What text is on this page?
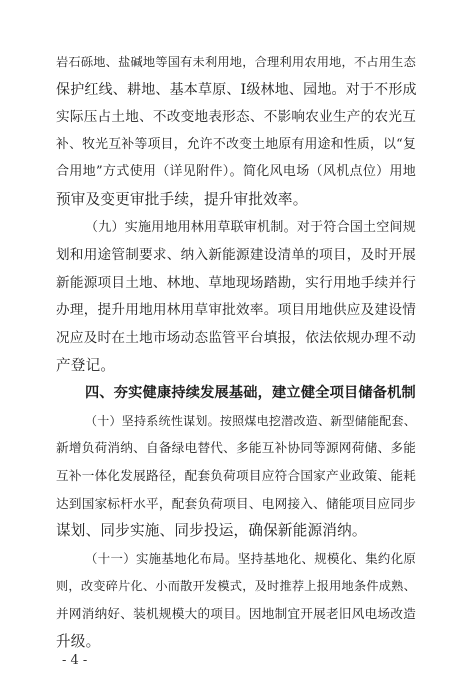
岩石砾地、盐碱地等国有未利用地，合理利用农用地，不占用生态
保护红线、耕地、基本草原、Ⅰ级林地、园地。对于不形成
实际压占土地、不改变地表形态、不影响农业生产的农光互
补、牧光互补等项目，允许不改变土地原有用途和性质，以“复
合用地”方式使用（详见附件）。简化风电场（风机点位）用地
预审及变更审批手续，提升审批效率。
（九）实施用地用林用草联审机制。对于符合国土空间规
划和用途管制要求、纳入新能源建设清单的项目，及时开展
新能源项目土地、林地、草地现场踏勘，实行用地手续并行
办理，提升用地用林用草审批效率。项目用地供应及建设情
况应及时在土地市场动态监管平台填报，依法依规办理不动
产登记。
四、夯实健康持续发展基础，建立健全项目储备机制
（十）坚持系统性谋划。按照煤电挖潜改造、新型储能配套、
新增负荷消纳、自备绿电替代、多能互补协同等源网荷储、多能
互补一体化发展路径，配套负荷项目应符合国家产业政策、能耗
达到国家标杆水平，配套负荷项目、电网接入、储能项目应同步
谋划、同步实施、同步投运，确保新能源消纳。
（十一）实施基地化布局。坚持基地化、规模化、集约化原
则，改变碎片化、小而散开发模式，及时推荐上报用地条件成熟、
并网消纳好、装机规模大的项目。因地制宜开展老旧风电场改造
升级。
- 4 -
